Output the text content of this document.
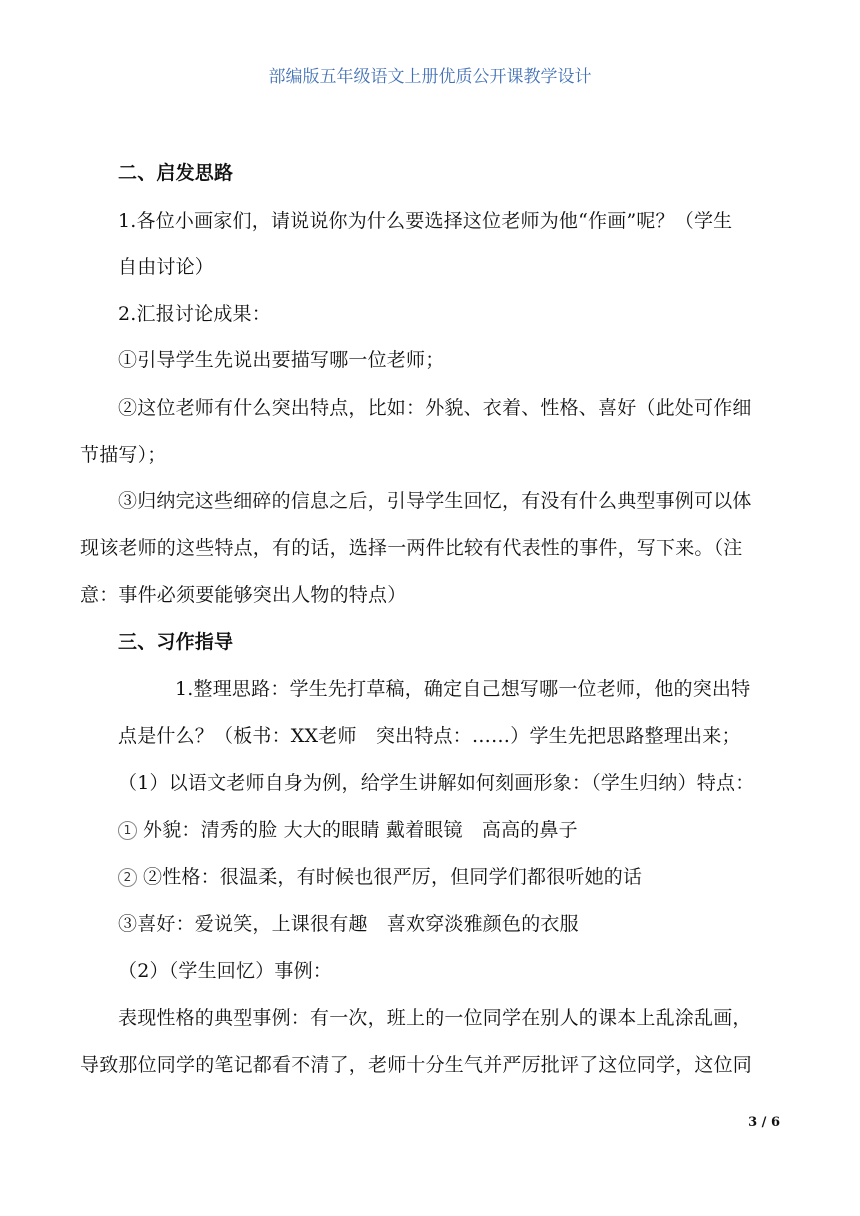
部编版五年级语文上册优质公开课教学设计
二、启发思路
1.各位小画家们，请说说你为什么要选择这位老师为他“作画”呢？（学生
自由讨论）
2.汇报讨论成果：
①引导学生先说出要描写哪一位老师；
②这位老师有什么突出特点，比如：外貌、衣着、性格、喜好（此处可作细
节描写）；
③归纳完这些细碎的信息之后，引导学生回忆，有没有什么典型事例可以体
现该老师的这些特点，有的话，选择一两件比较有代表性的事件，写下来。（注
意：事件必须要能够突出人物的特点）
三、习作指导
1.整理思路：学生先打草稿，确定自己想写哪一位老师，他的突出特
点是什么？（板书：XX老师　突出特点：……）学生先把思路整理出来；
（1）以语文老师自身为例，给学生讲解如何刻画形象：（学生归纳）特点：
1 外貌：清秀的脸 大大的眼睛 戴着眼镜　高高的鼻子
2 ②性格：很温柔，有时候也很严厉，但同学们都很听她的话
③喜好：爱说笑，上课很有趣　喜欢穿淡雅颜色的衣服
（2）（学生回忆）事例：
表现性格的典型事例：有一次，班上的一位同学在别人的课本上乱涂乱画，
导致那位同学的笔记都看不清了，老师十分生气并严厉批评了这位同学，这位同
3 / 6
